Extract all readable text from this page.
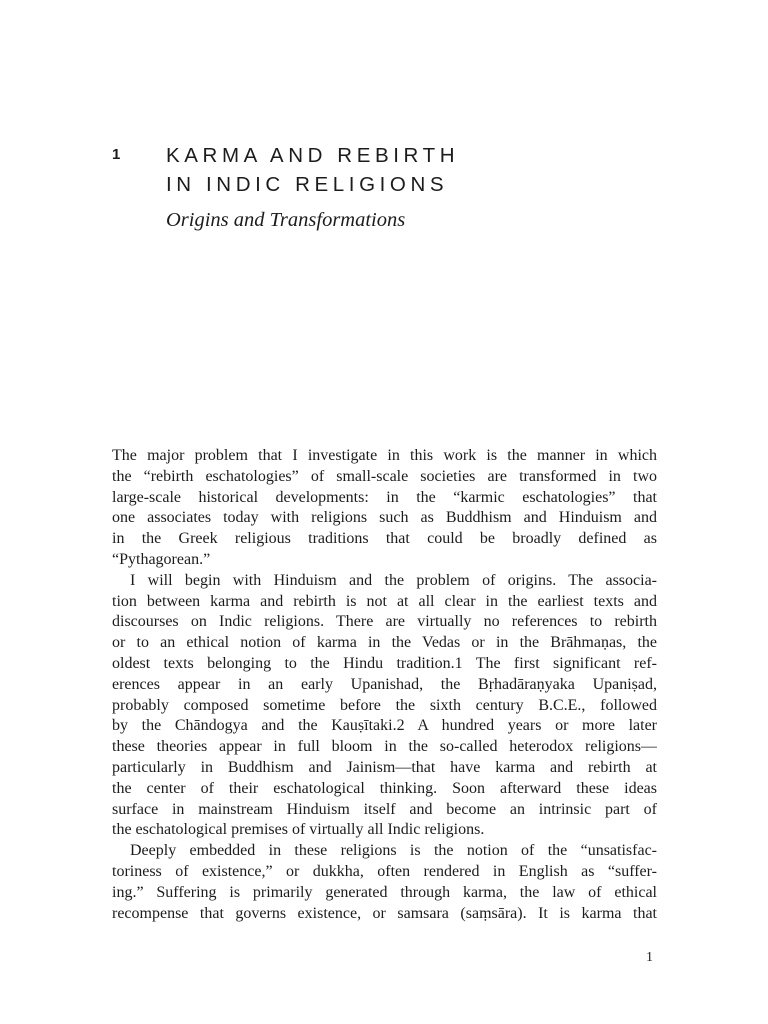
1 KARMA AND REBIRTH
IN INDIC RELIGIONS
Origins and Transformations
The major problem that I investigate in this work is the manner in which
the “rebirth eschatologies” of small-scale societies are transformed in two
large-scale historical developments: in the “karmic eschatologies” that
one associates today with religions such as Buddhism and Hinduism and
in the Greek religious traditions that could be broadly defined as
“Pythagorean.”
I will begin with Hinduism and the problem of origins. The associa-
tion between karma and rebirth is not at all clear in the earliest texts and
discourses on Indic religions. There are virtually no references to rebirth
or to an ethical notion of karma in the Vedas or in the Brāhmaṇas, the
oldest texts belonging to the Hindu tradition.1 The first significant ref-
erences appear in an early Upanishad, the Bṛhadāraṇyaka Upaniṣad,
probably composed sometime before the sixth century B.C.E., followed
by the Chāndogya and the Kauṣītaki.2 A hundred years or more later
these theories appear in full bloom in the so-called heterodox religions—
particularly in Buddhism and Jainism—that have karma and rebirth at
the center of their eschatological thinking. Soon afterward these ideas
surface in mainstream Hinduism itself and become an intrinsic part of
the eschatological premises of virtually all Indic religions.
Deeply embedded in these religions is the notion of the “unsatisfac-
toriness of existence,” or dukkha, often rendered in English as “suffer-
ing.” Suffering is primarily generated through karma, the law of ethical
recompense that governs existence, or samsara (saṃsāra). It is karma that
1
